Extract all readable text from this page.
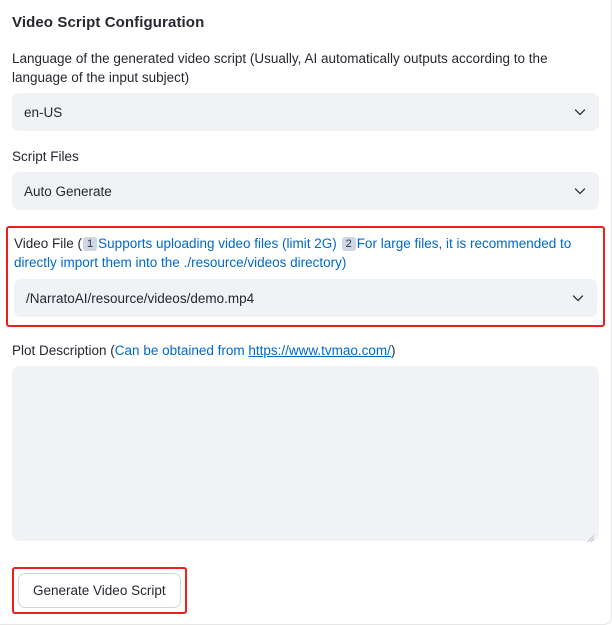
Video Script Configuration
Language of the generated video script (Usually, AI automatically outputs according to the language of the input subject)
en-US
Script Files
Auto Generate
Video File ( 1 Supports uploading video files (limit 2G) 2 For large files, it is recommended to directly import them into the ./resource/videos directory)
/NarratoAI/resource/videos/demo.mp4
Plot Description (Can be obtained from https://www.tvmao.com/)
Generate Video Script
